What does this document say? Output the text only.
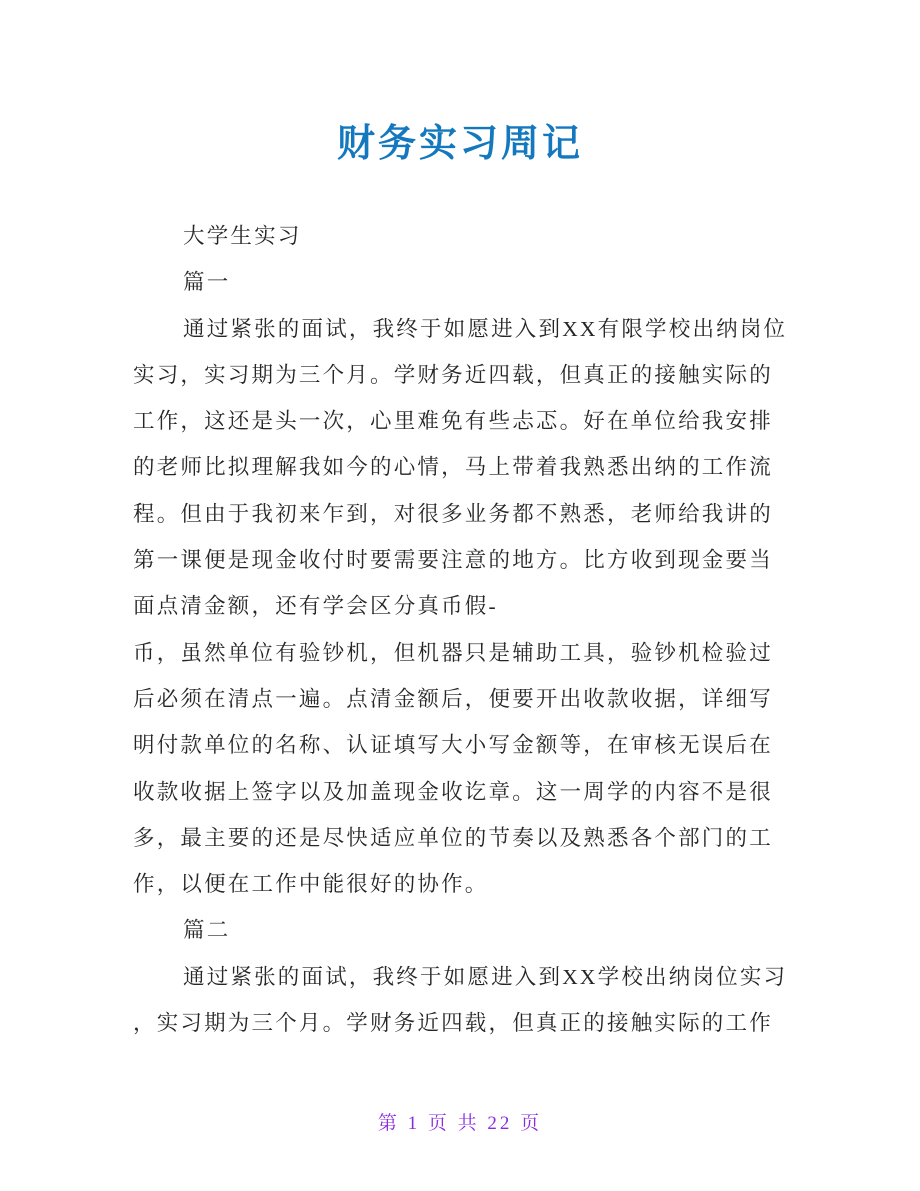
财务实习周记
大学生实习
篇一
通过紧张的面试，我终于如愿进入到XX有限学校出纳岗位
实习，实习期为三个月。学财务近四载，但真正的接触实际的
工作，这还是头一次，心里难免有些忐忑。好在单位给我安排
的老师比拟理解我如今的心情，马上带着我熟悉出纳的工作流
程。但由于我初来乍到，对很多业务都不熟悉，老师给我讲的
第一课便是现金收付时要需要注意的地方。比方收到现金要当
面点清金额，还有学会区分真币假-
币，虽然单位有验钞机，但机器只是辅助工具，验钞机检验过
后必须在清点一遍。点清金额后，便要开出收款收据，详细写
明付款单位的名称、认证填写大小写金额等，在审核无误后在
收款收据上签字以及加盖现金收讫章。这一周学的内容不是很
多，最主要的还是尽快适应单位的节奏以及熟悉各个部门的工
作，以便在工作中能很好的协作。
篇二
通过紧张的面试，我终于如愿进入到XX学校出纳岗位实习
，实习期为三个月。学财务近四载，但真正的接触实际的工作
第 1 页 共 22 页
